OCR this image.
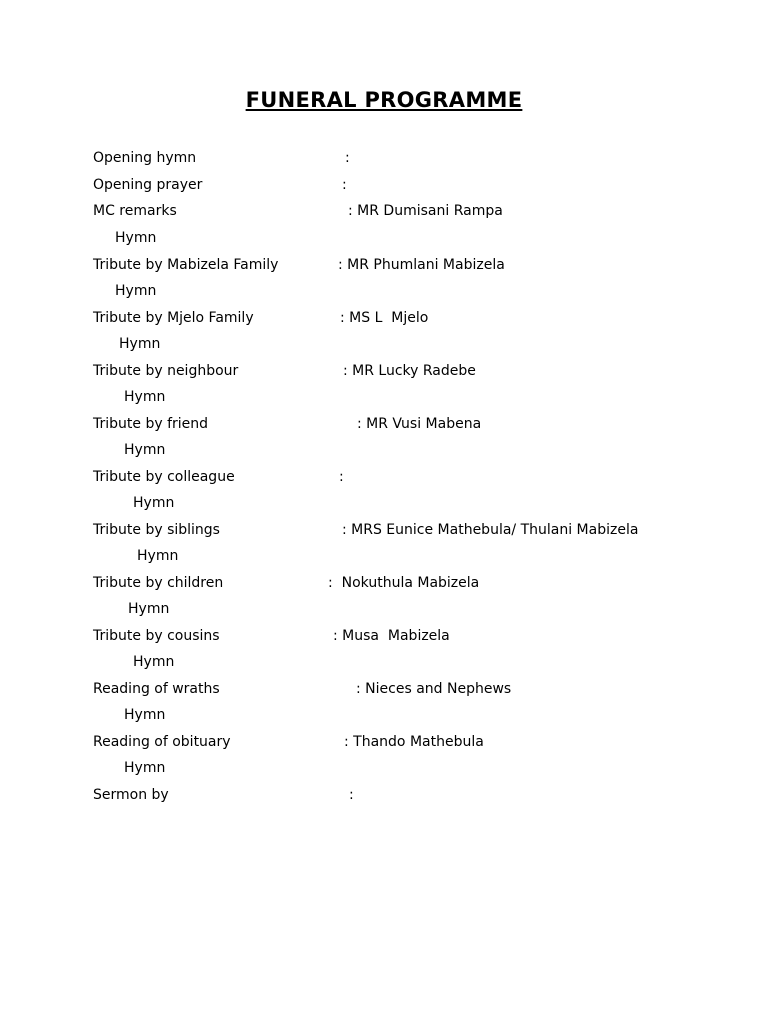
FUNERAL PROGRAMME
Opening hymn	:
Opening prayer	:
MC remarks	: MR Dumisani Rampa
Hymn
Tribute by Mabizela Family	: MR Phumlani Mabizela
Hymn
Tribute by Mjelo Family	: MS L  Mjelo
Hymn
Tribute by neighbour	: MR Lucky Radebe
Hymn
Tribute by friend	: MR Vusi Mabena
Hymn
Tribute by colleague	:
Hymn
Tribute by siblings	: MRS Eunice Mathebula/ Thulani Mabizela
Hymn
Tribute by children	:  Nokuthula Mabizela
Hymn
Tribute by cousins	: Musa  Mabizela
Hymn
Reading of wraths	: Nieces and Nephews
Hymn
Reading of obituary	: Thando Mathebula
Hymn
Sermon by	:
